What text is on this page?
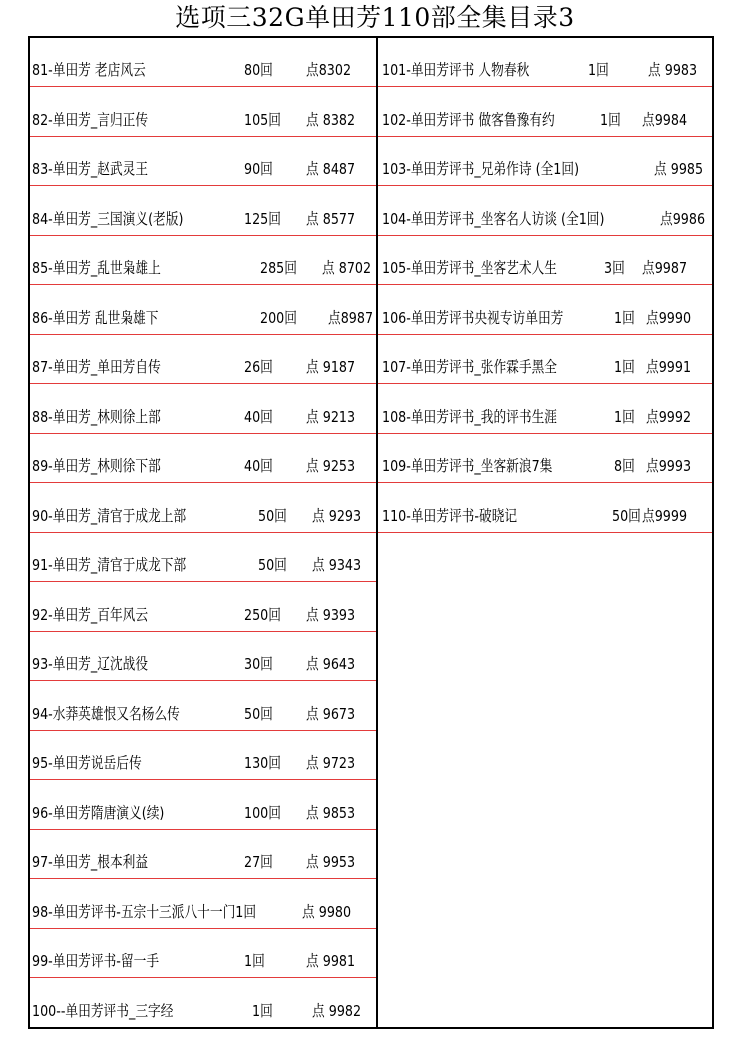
选项三32G单田芳110部全集目录3
81-单田芳 老店风云	80回 点8302
82-单田芳_言归正传	105回 点 8382
83-单田芳_赵武灵王	90回 点 8487
84-单田芳_三国演义(老版)	125回 点 8577
85-单田芳_乱世枭雄上	285回 点 8702
86-单田芳 乱世枭雄下	200回 点8987
87-单田芳_单田芳自传	26回 点 9187
88-单田芳_林则徐上部	40回 点 9213
89-单田芳_林则徐下部	40回 点 9253
90-单田芳_清官于成龙上部	50回 点 9293
91-单田芳_清官于成龙下部	50回 点 9343
92-单田芳_百年风云	250回 点 9393
93-单田芳_辽沈战役	30回 点 9643
94-水莽英雄恨又名杨么传	50回 点 9673
95-单田芳说岳后传	130回 点 9723
96-单田芳隋唐演义(续)	100回 点 9853
97-单田芳_根本利益	27回 点 9953
98-单田芳评书-五宗十三派八十一门1回	点 9980
99-单田芳评书-留一手	1回	点 9981
100--单田芳评书_三字经	1回	点 9982
101-单田芳评书 人物春秋	1回	点 9983
102-单田芳评书 做客鲁豫有约	1回 点9984
103-单田芳评书_兄弟作诗 (全1回)	点 9985
104-单田芳评书_坐客名人访谈 (全1回)	点9986
105-单田芳评书_坐客艺术人生	3回 点9987
106-单田芳评书央视专访单田芳	1回 点9990
107-单田芳评书_张作霖手黑全	1回 点9991
108-单田芳评书_我的评书生涯	1回 点9992
109-单田芳评书_坐客新浪7集	8回 点9993
110-单田芳评书-破晓记	50回 点9999
